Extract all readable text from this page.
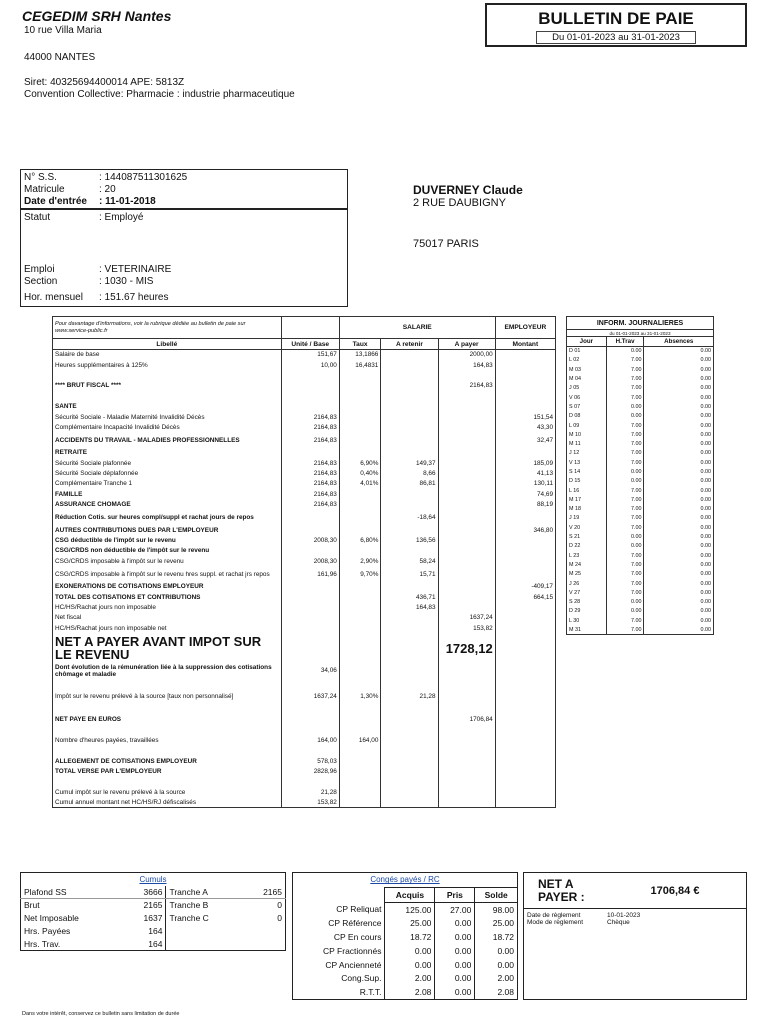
CEGEDIM SRH Nantes
10 rue Villa Maria
44000 NANTES
Siret: 40325694400014 APE: 5813Z
Convention Collective: Pharmacie : industrie pharmaceutique
BULLETIN DE PAIE
Du 01-01-2023 au 31-01-2023
N° S.S.	: 144087511301625
Matricule	: 20
Date d'entrée	: 11-01-2018
Statut	: Employé
Emploi	: VETERINAIRE
Section	: 1030 - MIS
Hor. mensuel	: 151.67 heures
DUVERNEY Claude
2 RUE DAUBIGNY
75017 PARIS
Pour davantage d'informations, voir la rubrique dédiée au bulletin de paie sur www.service-public.fr		SALARIE			EMPLOYEUR
Libellé	Unité / Base	Taux	A retenir	A payer	Montant
Salaire de base	151,67	13,1866		2000,00	
Heures supplémentaires à 125%	10,00	16,4831		164,83	

**** BRUT FISCAL ****				2164,83	

SANTE					
Sécurité Sociale - Maladie Maternité Invalidité Décès	2164,83				151,54
Complémentaire Incapacité Invalidité Décès	2164,83				43,30
ACCIDENTS DU TRAVAIL - MALADIES PROFESSIONNELLES	2164,83				32,47
RETRAITE					
Sécurité Sociale plafonnée	2164,83	6,90%	149,37		185,09
Sécurité Sociale déplafonnée	2164,83	0,40%	8,66		41,13
Complémentaire Tranche 1	2164,83	4,01%	86,81		130,11
FAMILLE	2164,83				74,69
ASSURANCE CHOMAGE	2164,83				88,19
Réduction Cotis. sur heures compl/suppl et rachat jours de repos			-18,64		
AUTRES CONTRIBUTIONS DUES PAR L'EMPLOYEUR					346,80
CSG déductible de l'impôt sur le revenu	2008,30	6,80%	136,56		
CSG/CRDS non déductible de l'impôt sur le revenu					
CSG/CRDS imposable à l'impôt sur le revenu	2008,30	2,90%	58,24		
CSG/CRDS imposable à l'impôt sur le revenu hres suppl. et rachat jrs repos	161,96	9,70%	15,71		
EXONERATIONS DE COTISATIONS EMPLOYEUR					-409,17
TOTAL DES COTISATIONS ET CONTRIBUTIONS			436,71		664,15
HC/HS/Rachat jours non imposable			164,83		
Net fiscal				1637,24	
HC/HS/Rachat jours non imposable net				153,82	
NET A PAYER AVANT IMPOT SUR LE REVENU				1728,12	
Dont évolution de la rémunération liée à la suppression des cotisations chômage et maladie	34,06				

Impôt sur le revenu prélevé à la source [taux non personnalisé]	1637,24	1,30%	21,28		

NET PAYE EN EUROS				1706,84	

Nombre d'heures payées, travaillées	164,00	164,00			

ALLEGEMENT DE COTISATIONS EMPLOYEUR	578,03				
TOTAL VERSE PAR L'EMPLOYEUR	2828,96				

Cumul impôt sur le revenu prélevé à la source	21,28				
Cumul annuel montant net HC/HS/RJ défiscalisés	153,82				
INFORM. JOURNALIERES		
du 01-01-2023 au 31-01-2023		
Jour	H.Trav	Absences
D 01	0.00	0.00
L 02	7.00	0.00
M 03	7.00	0.00
M 04	7.00	0.00
J 05	7.00	0.00
V 06	7.00	0.00
S 07	0.00	0.00
D 08	0.00	0.00
L 09	7.00	0.00
M 10	7.00	0.00
M 11	7.00	0.00
J 12	7.00	0.00
V 13	7.00	0.00
S 14	0.00	0.00
D 15	0.00	0.00
L 16	7.00	0.00
M 17	7.00	0.00
M 18	7.00	0.00
J 19	7.00	0.00
V 20	7.00	0.00
S 21	0.00	0.00
D 22	0.00	0.00
L 23	7.00	0.00
M 24	7.00	0.00
M 25	7.00	0.00
J 26	7.00	0.00
V 27	7.00	0.00
S 28	0.00	0.00
D 29	0.00	0.00
L 30	7.00	0.00
M 31	7.00	0.00
Cumuls			
Plafond SS	3666	Tranche A	2165
Brut	2165	Tranche B	0
Net Imposable	1637	Tranche C	0
Hrs. Payées	164		
Hrs. Trav.	164		
Congés payés / RC			
	Acquis	Pris	Solde
CP Reliquat	125.00	27.00	98.00
CP Référence	25.00	0.00	25.00
CP En cours	18.72	0.00	18.72
CP Fractionnés	0.00	0.00	0.00
CP Ancienneté	0.00	0.00	0.00
Cong.Sup.	2.00	0.00	2.00
R.T.T.	2.08	0.00	2.08
NET A PAYER :	1706,84 €
Date de règlement	10-01-2023
Mode de règlement	Chèque
Dans votre intérêt, conservez ce bulletin sans limitation de durée
